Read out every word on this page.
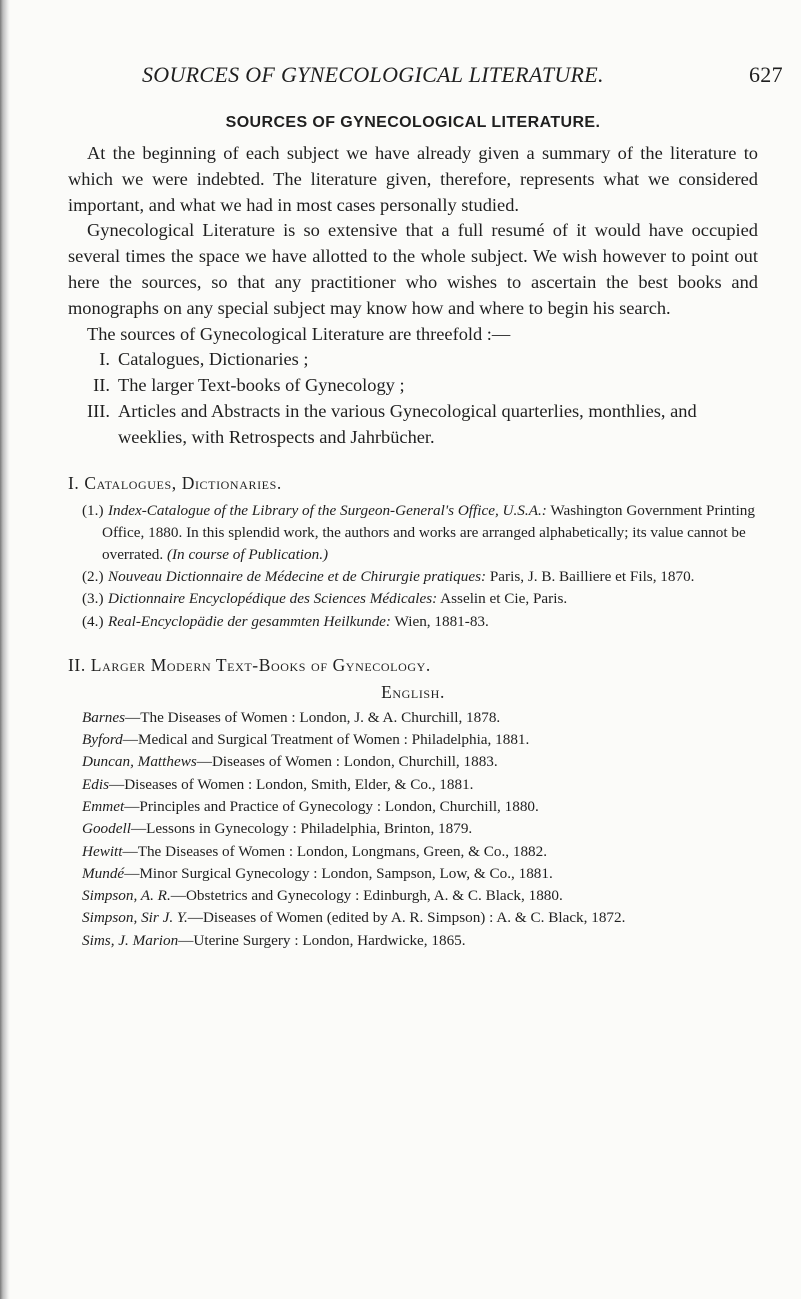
SOURCES OF GYNECOLOGICAL LITERATURE.	627
SOURCES OF GYNECOLOGICAL LITERATURE.

At the beginning of each subject we have already given a summary of the literature to which we were indebted. The literature given, therefore, represents what we considered important, and what we had in most cases personally studied.

Gynecological Literature is so extensive that a full resumé of it would have occupied several times the space we have allotted to the whole subject. We wish however to point out here the sources, so that any practitioner who wishes to ascertain the best books and monographs on any special subject may know how and where to begin his search.

The sources of Gynecological Literature are threefold :—

I. Catalogues, Dictionaries ;
II. The larger Text-books of Gynecology ;
III. Articles and Abstracts in the various Gynecological quarterlies, monthlies, and weeklies, with Retrospects and Jahrbücher.
I. Catalogues, Dictionaries.

(1.) Index-Catalogue of the Library of the Surgeon-General's Office, U.S.A.: Washington Government Printing Office, 1880. In this splendid work, the authors and works are arranged alphabetically; its value cannot be overrated. (In course of Publication.)

(2.) Nouveau Dictionnaire de Médecine et de Chirurgie pratiques: Paris, J. B. Bailliere et Fils, 1870.

(3.) Dictionnaire Encyclopédique des Sciences Médicales: Asselin et Cie, Paris.

(4.) Real-Encyclopädie der gesammten Heilkunde: Wien, 1881-83.

II. Larger Modern Text-Books of Gynecology.
English.

Barnes—The Diseases of Women : London, J. & A. Churchill, 1878.

Byford—Medical and Surgical Treatment of Women : Philadelphia, 1881.

Duncan, Matthews—Diseases of Women : London, Churchill, 1883.

Edis—Diseases of Women : London, Smith, Elder, & Co., 1881.

Emmet—Principles and Practice of Gynecology : London, Churchill, 1880.

Goodell—Lessons in Gynecology : Philadelphia, Brinton, 1879.

Hewitt—The Diseases of Women : London, Longmans, Green, & Co., 1882.

Mundé—Minor Surgical Gynecology : London, Sampson, Low, & Co., 1881.

Simpson, A. R.—Obstetrics and Gynecology : Edinburgh, A. & C. Black, 1880.

Simpson, Sir J. Y.—Diseases of Women (edited by A. R. Simpson) : A. & C. Black, 1872.

Sims, J. Marion—Uterine Surgery : London, Hardwicke, 1865.
